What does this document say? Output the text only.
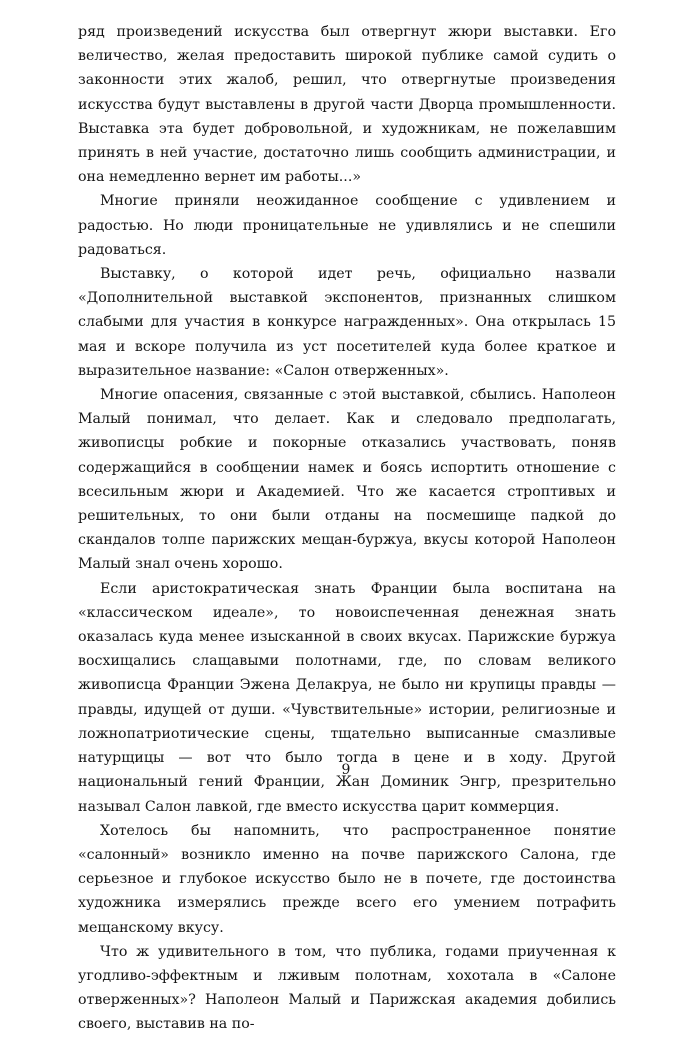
ряд произведений искусства был отвергнут жюри выставки. Его величество, желая предоставить широкой публике самой судить о законности этих жалоб, решил, что отвергнутые произведения искусства будут выставлены в другой части Дворца промышленности. Выставка эта будет добровольной, и художникам, не пожелавшим принять в ней участие, достаточно лишь сообщить администрации, и она немедленно вернет им работы...»

Многие приняли неожиданное сообщение с удивлением и радостью. Но люди проницательные не удивлялись и не спешили радоваться.

Выставку, о которой идет речь, официально назвали «Дополнительной выставкой экспонентов, признанных слишком слабыми для участия в конкурсе награжденных». Она открылась 15 мая и вскоре получила из уст посетителей куда более краткое и выразительное название: «Салон отверженных».

Многие опасения, связанные с этой выставкой, сбылись. Наполеон Малый понимал, что делает. Как и следовало предполагать, живописцы робкие и покорные отказались участвовать, поняв содержащийся в сообщении намек и боясь испортить отношение с всесильным жюри и Академией. Что же касается строптивых и решительных, то они были отданы на посмешище падкой до скандалов толпе парижских мещан-буржуа, вкусы которой Наполеон Малый знал очень хорошо.

Если аристократическая знать Франции была воспитана на «классическом идеале», то новоиспеченная денежная знать оказалась куда менее изысканной в своих вкусах. Парижские буржуа восхищались слащавыми полотнами, где, по словам великого живописца Франции Эжена Делакруа, не было ни крупицы правды — правды, идущей от души. «Чувствительные» истории, религиозные и ложнопатриотические сцены, тщательно выписанные смазливые натурщицы — вот что было тогда в цене и в ходу. Другой национальный гений Франции, Жан Доминик Энгр, презрительно называл Салон лавкой, где вместо искусства царит коммерция.

Хотелось бы напомнить, что распространенное понятие «салонный» возникло именно на почве парижского Салона, где серьезное и глубокое искусство было не в почете, где достоинства художника измерялись прежде всего его умением потрафить мещанскому вкусу.

Что ж удивительного в том, что публика, годами приученная к угодливо-эффектным и лживым полотнам, хохотала в «Салоне отверженных»? Наполеон Малый и Парижская академия добились своего, выставив на по-

9
